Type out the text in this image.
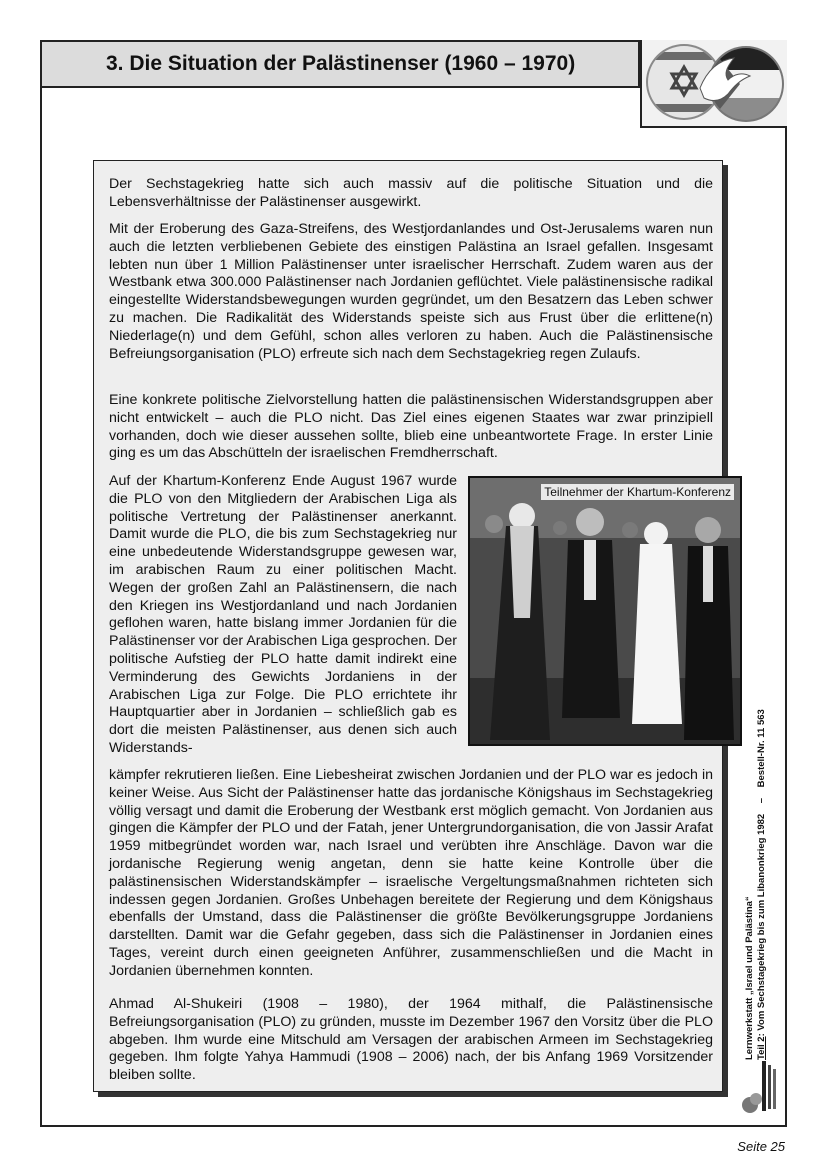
3. Die Situation der Palästinenser (1960 – 1970)

Der Sechstagekrieg hatte sich auch massiv auf die politische Situation und die Lebensverhältnisse der Palästinenser ausgewirkt.

Mit der Eroberung des Gaza-Streifens, des Westjordanlandes und Ost-Jerusalems waren nun auch die letzten verbliebenen Gebiete des einstigen Palästina an Israel gefallen. Insgesamt lebten nun über 1 Million Palästinenser unter israelischer Herrschaft. Zudem waren aus der Westbank etwa 300.000 Palästinenser nach Jordanien geflüchtet. Viele palästinensische radikal eingestellte Widerstandsbewegungen wurden gegründet, um den Besatzern das Leben schwer zu machen. Die Radikalität des Widerstands speiste sich aus Frust über die erlittene(n) Niederlage(n) und dem Gefühl, schon alles verloren zu haben. Auch die Palästinensische Befreiungsorganisation (PLO) erfreute sich nach dem Sechstagekrieg regen Zulaufs.

Eine konkrete politische Zielvorstellung hatten die palästinensischen Widerstandsgruppen aber nicht entwickelt – auch die PLO nicht. Das Ziel eines eigenen Staates war zwar prinzipiell vorhanden, doch wie dieser aussehen sollte, blieb eine unbeantwortete Frage. In erster Linie ging es um das Abschütteln der israelischen Fremdherrschaft.

Auf der Khartum-Konferenz Ende August 1967 wurde die PLO von den Mitgliedern der Arabischen Liga als politische Vertretung der Palästinenser anerkannt. Damit wurde die PLO, die bis zum Sechstagekrieg nur eine unbedeutende Widerstandsgruppe gewesen war, im arabischen Raum zu einer politischen Macht. Wegen der großen Zahl an Palästinensern, die nach den Kriegen ins Westjordanland und nach Jordanien geflohen waren, hatte bislang immer Jordanien für die Palästinenser vor der Arabischen Liga gesprochen. Der politische Aufstieg der PLO hatte damit indirekt eine Verminderung des Gewichts Jordaniens in der Arabischen Liga zur Folge. Die PLO errichtete ihr Hauptquartier aber in Jordanien – schließlich gab es dort die meisten Palästinenser, aus denen sich auch Widerstands-

kämpfer rekrutieren ließen. Eine Liebesheirat zwischen Jordanien und der PLO war es jedoch in keiner Weise. Aus Sicht der Palästinenser hatte das jordanische Königshaus im Sechstagekrieg völlig versagt und damit die Eroberung der Westbank erst möglich gemacht. Von Jordanien aus gingen die Kämpfer der PLO und der Fatah, jener Untergrundorganisation, die von Jassir Arafat 1959 mitbegründet worden war, nach Israel und verübten ihre Anschläge. Davon war die jordanische Regierung wenig angetan, denn sie hatte keine Kontrolle über die palästinensischen Widerstandskämpfer – israelische Vergeltungsmaßnahmen richteten sich indessen gegen Jordanien. Großes Unbehagen bereitete der Regierung und dem Königshaus ebenfalls der Umstand, dass die Palästinenser die größte Bevölkerungsgruppe Jordaniens darstellten. Damit war die Gefahr gegeben, dass sich die Palästinenser in Jordanien eines Tages, vereint durch einen geeigneten Anführer, zusammenschließen und die Macht in Jordanien übernehmen konnten.

Ahmad Al-Shukeiri (1908 – 1980), der 1964 mithalf, die Palästinensische Befreiungsorganisation (PLO) zu gründen, musste im Dezember 1967 den Vorsitz über die PLO abgeben. Ihm wurde eine Mitschuld am Versagen der arabischen Armeen im Sechstagekrieg gegeben. Ihm folgte Yahya Hammudi (1908 – 2006) nach, der bis Anfang 1969 Vorsitzender bleiben sollte.

Teilnehmer der Khartum-Konferenz
Lernwerkstatt „Israel und Palästina“ Teil 2: Vom Sechstagekrieg bis zum Libanonkrieg 1982    –    Bestell-Nr. 11 563
Seite 25
